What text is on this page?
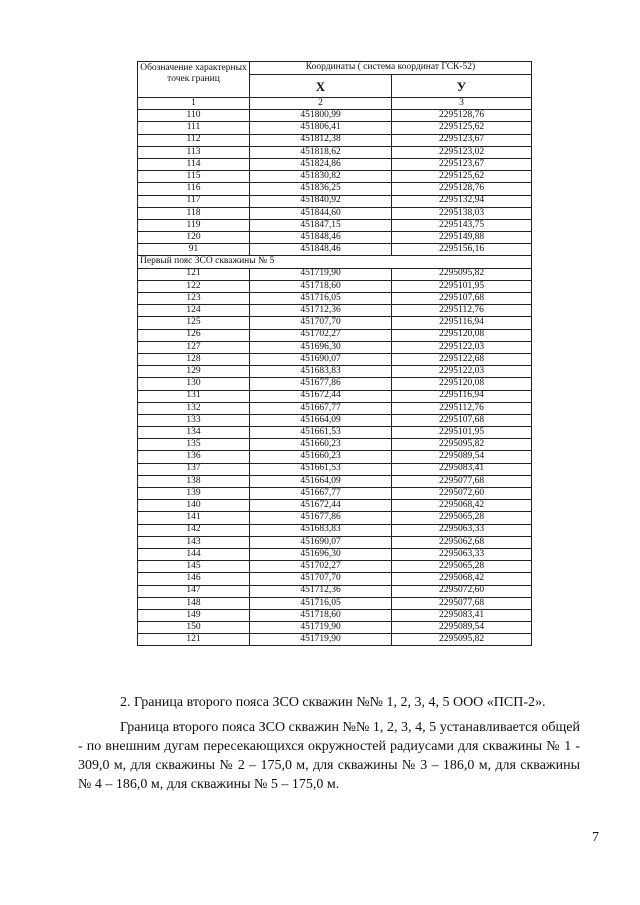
Обозначение характерных точек границ	Координаты ( система координат ГСК-52)	
	X	У
1	2	3
110	451800,99	2295128,76
111	451806,41	2295125,62
112	451812,38	2295123,67
113	451818,62	2295123,02
114	451824,86	2295123,67
115	451830,82	2295125,62
116	451836,25	2295128,76
117	451840,92	2295132,94
118	451844,60	2295138,03
119	451847,15	2295143,75
120	451848,46	2295149,88
91	451848,46	2295156,16
Первый пояс ЗСО скважины № 5		
121	451719,90	2295095,82
122	451718,60	2295101,95
123	451716,05	2295107,68
124	451712,36	2295112,76
125	451707,70	2295116,94
126	451702,27	2295120,08
127	451696,30	2295122,03
128	451690,07	2295122,68
129	451683,83	2295122,03
130	451677,86	2295120,08
131	451672,44	2295116,94
132	451667,77	2295112,76
133	451664,09	2295107,68
134	451661,53	2295101,95
135	451660,23	2295095,82
136	451660,23	2295089,54
137	451661,53	2295083,41
138	451664,09	2295077,68
139	451667,77	2295072,60
140	451672,44	2295068,42
141	451677,86	2295065,28
142	451683,83	2295063,33
143	451690,07	2295062,68
144	451696,30	2295063,33
145	451702,27	2295065,28
146	451707,70	2295068,42
147	451712,36	2295072,60
148	451716,05	2295077,68
149	451718,60	2295083,41
150	451719,90	2295089,54
121	451719,90	2295095,82
2. Граница второго пояса ЗСО скважин №№ 1, 2, 3, 4, 5 ООО «ПСП-2».
Граница второго пояса ЗСО скважин №№ 1, 2, 3, 4, 5 устанавливается общей - по внешним дугам пересекающихся окружностей радиусами для скважины № 1 - 309,0 м, для скважины № 2 – 175,0 м, для скважины № 3 – 186,0 м, для скважины № 4 – 186,0 м, для скважины № 5 – 175,0 м.
7
